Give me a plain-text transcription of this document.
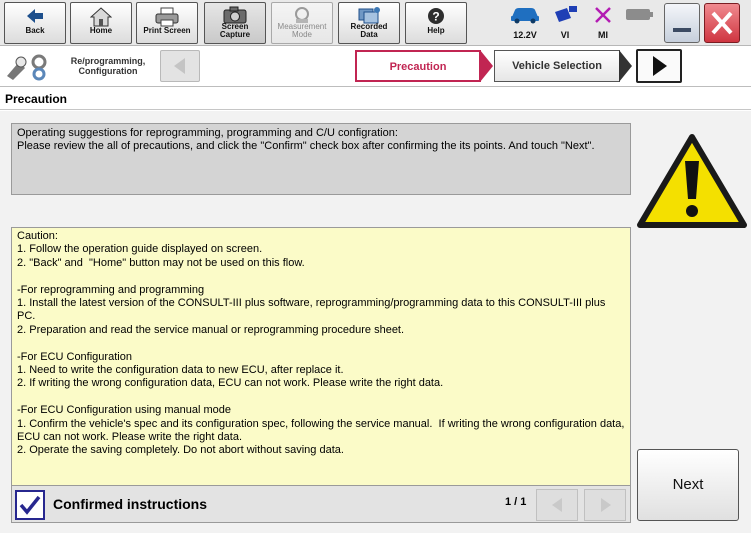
Back	Home	Print Screen	Screen
Capture
Measurement
Mode
Recorded
Data
?
Help	12.2V	VI	MI
Re/programming,
Configuration	Precaution	Vehicle Selection
Precaution
Operating suggestions for reprogramming, programming and C/U configration:
Please review the all of precautions, and click the "Confirm" check box after confirming the its points. And touch "Next".
Caution:
1. Follow the operation guide displayed on screen.
2. "Back" and  "Home" button may not be used on this flow.
-For reprogramming and programming
1. Install the latest version of the CONSULT-III plus software, reprogramming/programming data to this CONSULT-III plus PC.
2. Preparation and read the service manual or reprogramming procedure sheet.
-For ECU Configuration
1. Need to write the configuration data to new ECU, after replace it.
2. If writing the wrong configuration data, ECU can not work. Please write the right data.
-For ECU Configuration using manual mode
1. Confirm the vehicle's spec and its configuration spec, following the service manual.  If writing the wrong configuration data, ECU can not work. Please write the right data.
2. Operate the saving completely. Do not abort without saving data.
Confirmed instructions	1 / 1
Next
